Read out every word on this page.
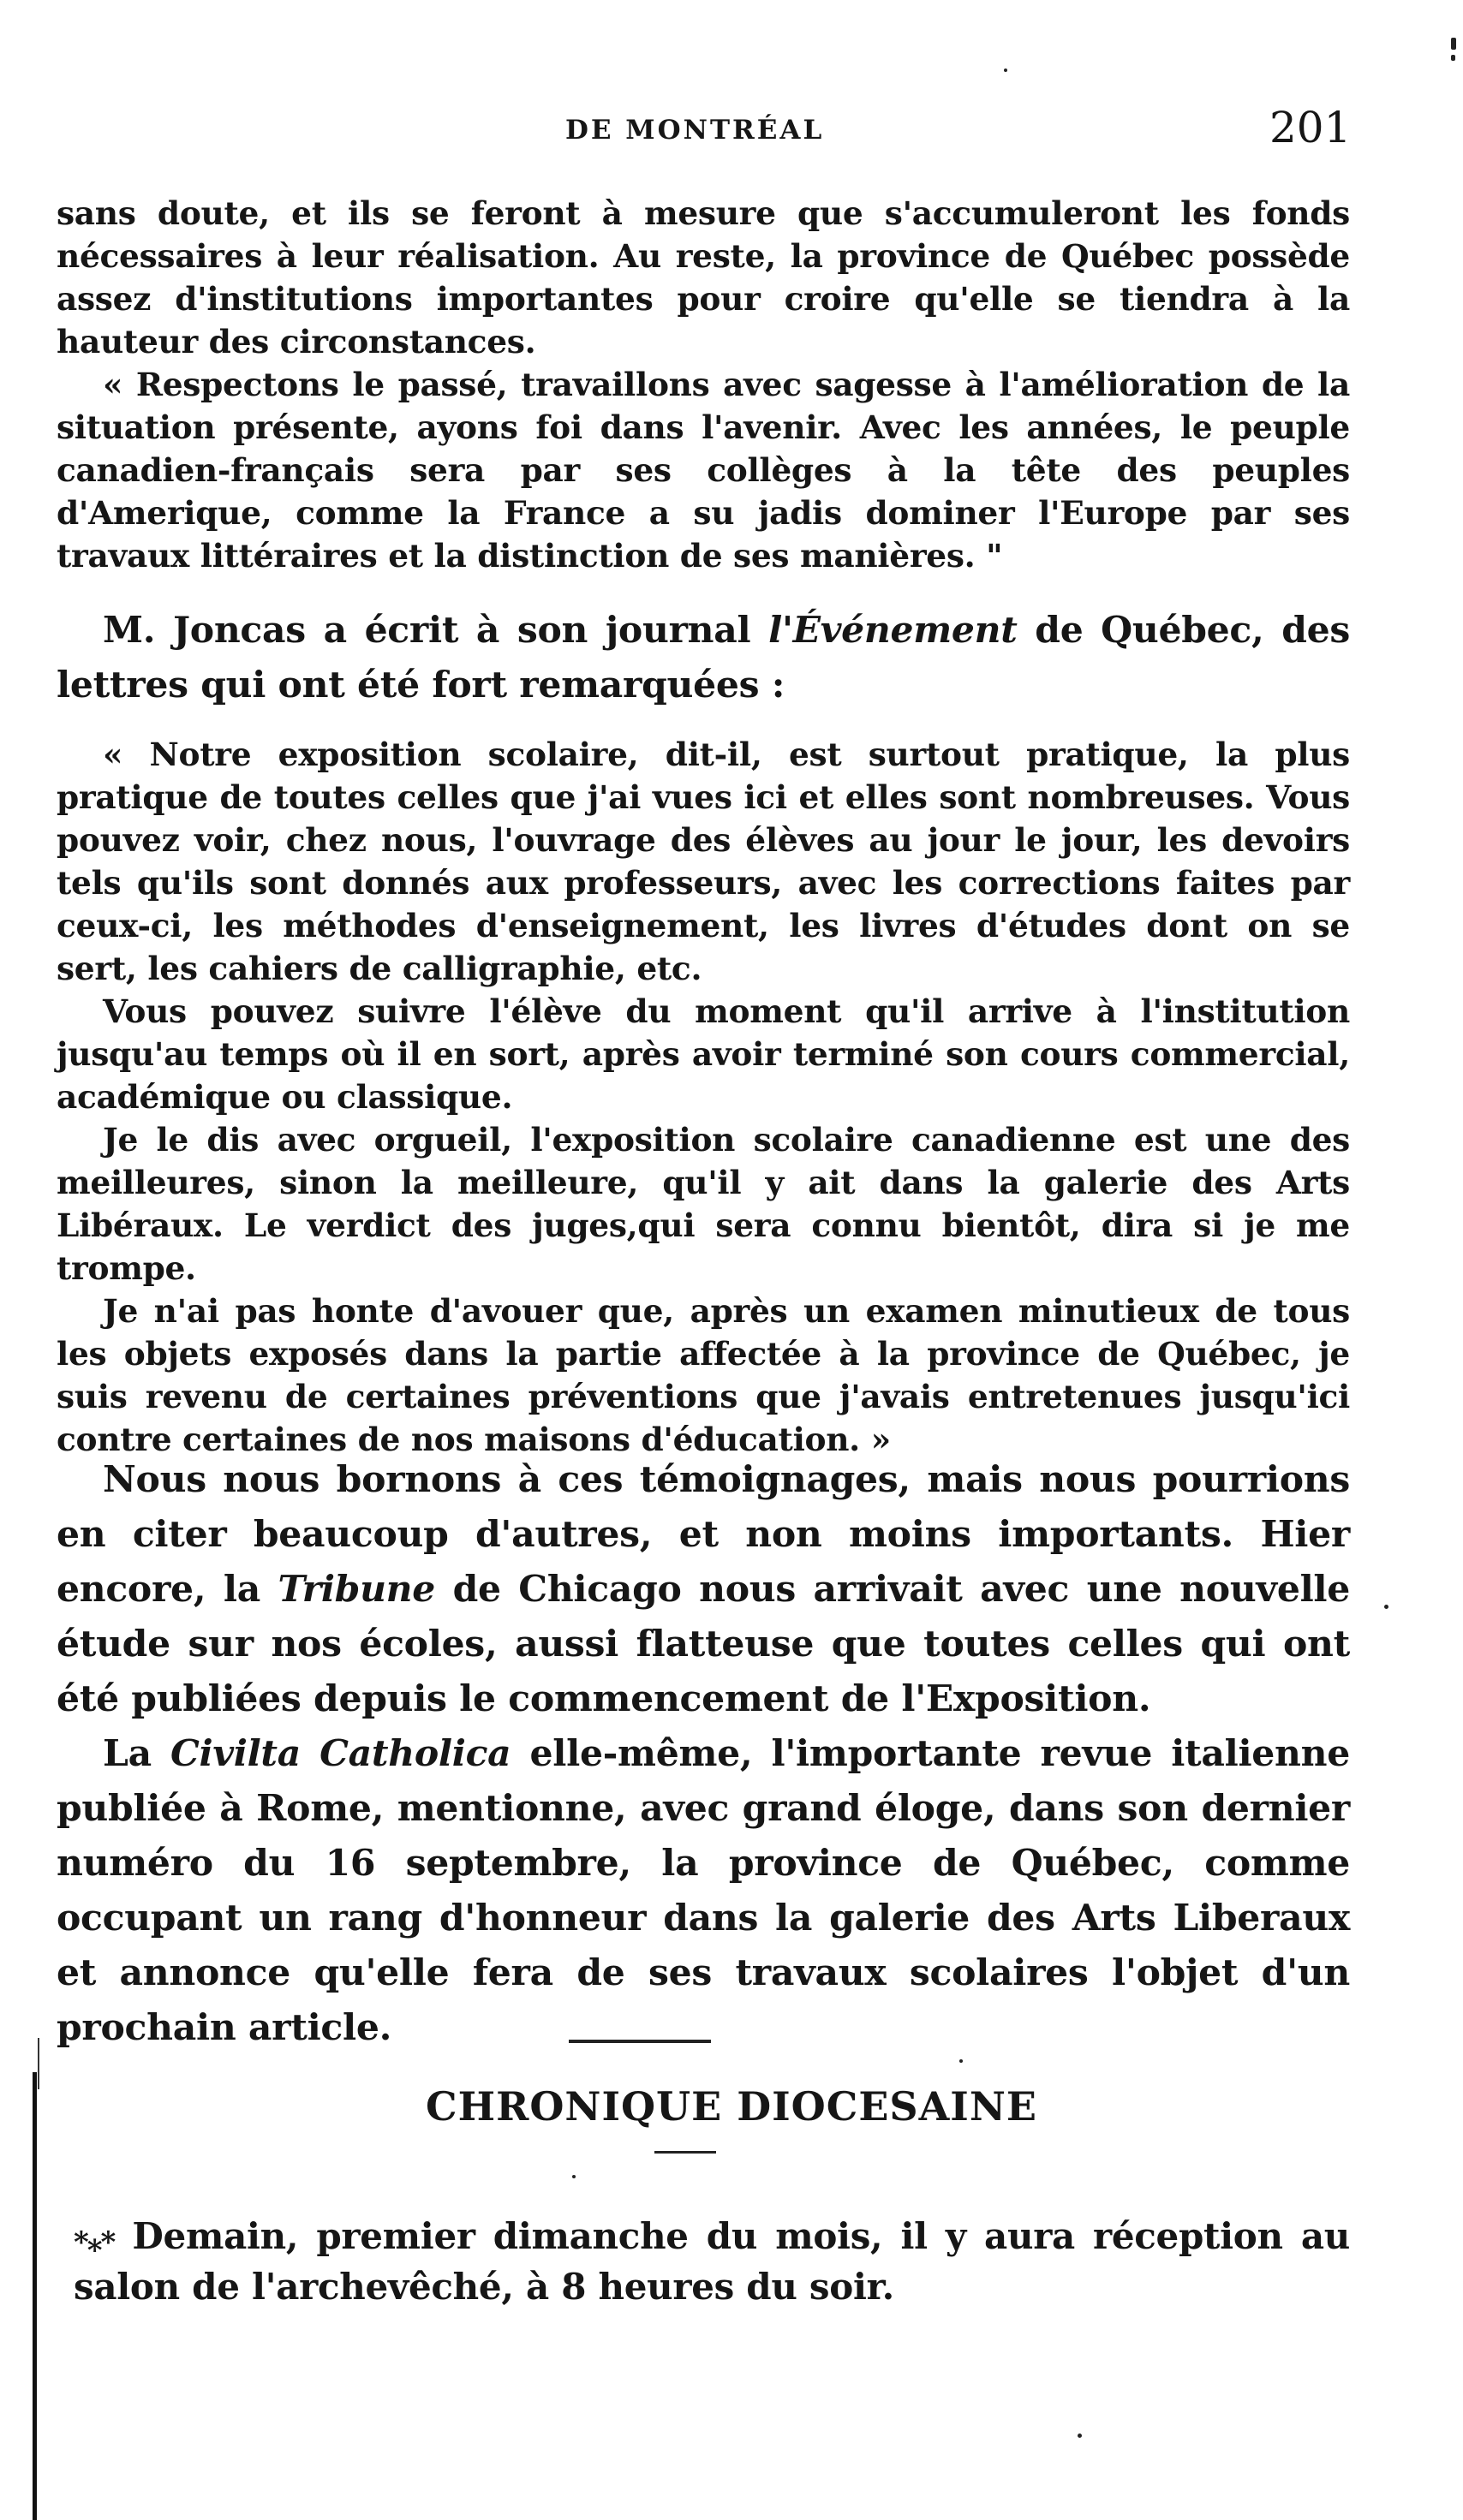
DE MONTRÉAL	201

sans doute, et ils se feront à mesure que s'accumuleront les fonds nécessaires à leur réalisation. Au reste, la province de Québec possède assez d'institutions importantes pour croire qu'elle se tiendra à la hauteur des circonstances.

« Respectons le passé, travaillons avec sagesse à l'amélioration de la situation présente, ayons foi dans l'avenir. Avec les années, le peuple canadien-français sera par ses collèges à la tête des peuples d'Amerique, comme la France a su jadis dominer l'Europe par ses travaux littéraires et la distinction de ses manières. "

M. Joncas a écrit à son journal l'Événement de Québec, des lettres qui ont été fort remarquées :

« Notre exposition scolaire, dit-il, est surtout pratique, la plus pratique de toutes celles que j'ai vues ici et elles sont nombreuses. Vous pouvez voir, chez nous, l'ouvrage des élèves au jour le jour, les devoirs tels qu'ils sont donnés aux professeurs, avec les corrections faites par ceux-ci, les méthodes d'enseignement, les livres d'études dont on se sert, les cahiers de calligraphie, etc.

Vous pouvez suivre l'élève du moment qu'il arrive à l'institution jusqu'au temps où il en sort, après avoir terminé son cours commercial, académique ou classique.

Je le dis avec orgueil, l'exposition scolaire canadienne est une des meilleures, sinon la meilleure, qu'il y ait dans la galerie des Arts Libéraux. Le verdict des juges,qui sera connu bientôt, dira si je me trompe.

Je n'ai pas honte d'avouer que, après un examen minutieux de tous les objets exposés dans la partie affectée à la province de Québec, je suis revenu de certaines préventions que j'avais entretenues jusqu'ici contre certaines de nos maisons d'éducation. »

Nous nous bornons à ces témoignages, mais nous pourrions en citer beaucoup d'autres, et non moins importants. Hier encore, la Tribune de Chicago nous arrivait avec une nouvelle étude sur nos écoles, aussi flatteuse que toutes celles qui ont été publiées depuis le commencement de l'Exposition.

La Civilta Catholica elle-même, l'importante revue italienne publiée à Rome, mentionne, avec grand éloge, dans son dernier numéro du 16 septembre, la province de Québec, comme occupant un rang d'honneur dans la galerie des Arts Liberaux et annonce qu'elle fera de ses travaux scolaires l'objet d'un prochain article.

CHRONIQUE DIOCESAINE

*⁎* Demain, premier dimanche du mois, il y aura réception au salon de l'archevêché, à 8 heures du soir.
